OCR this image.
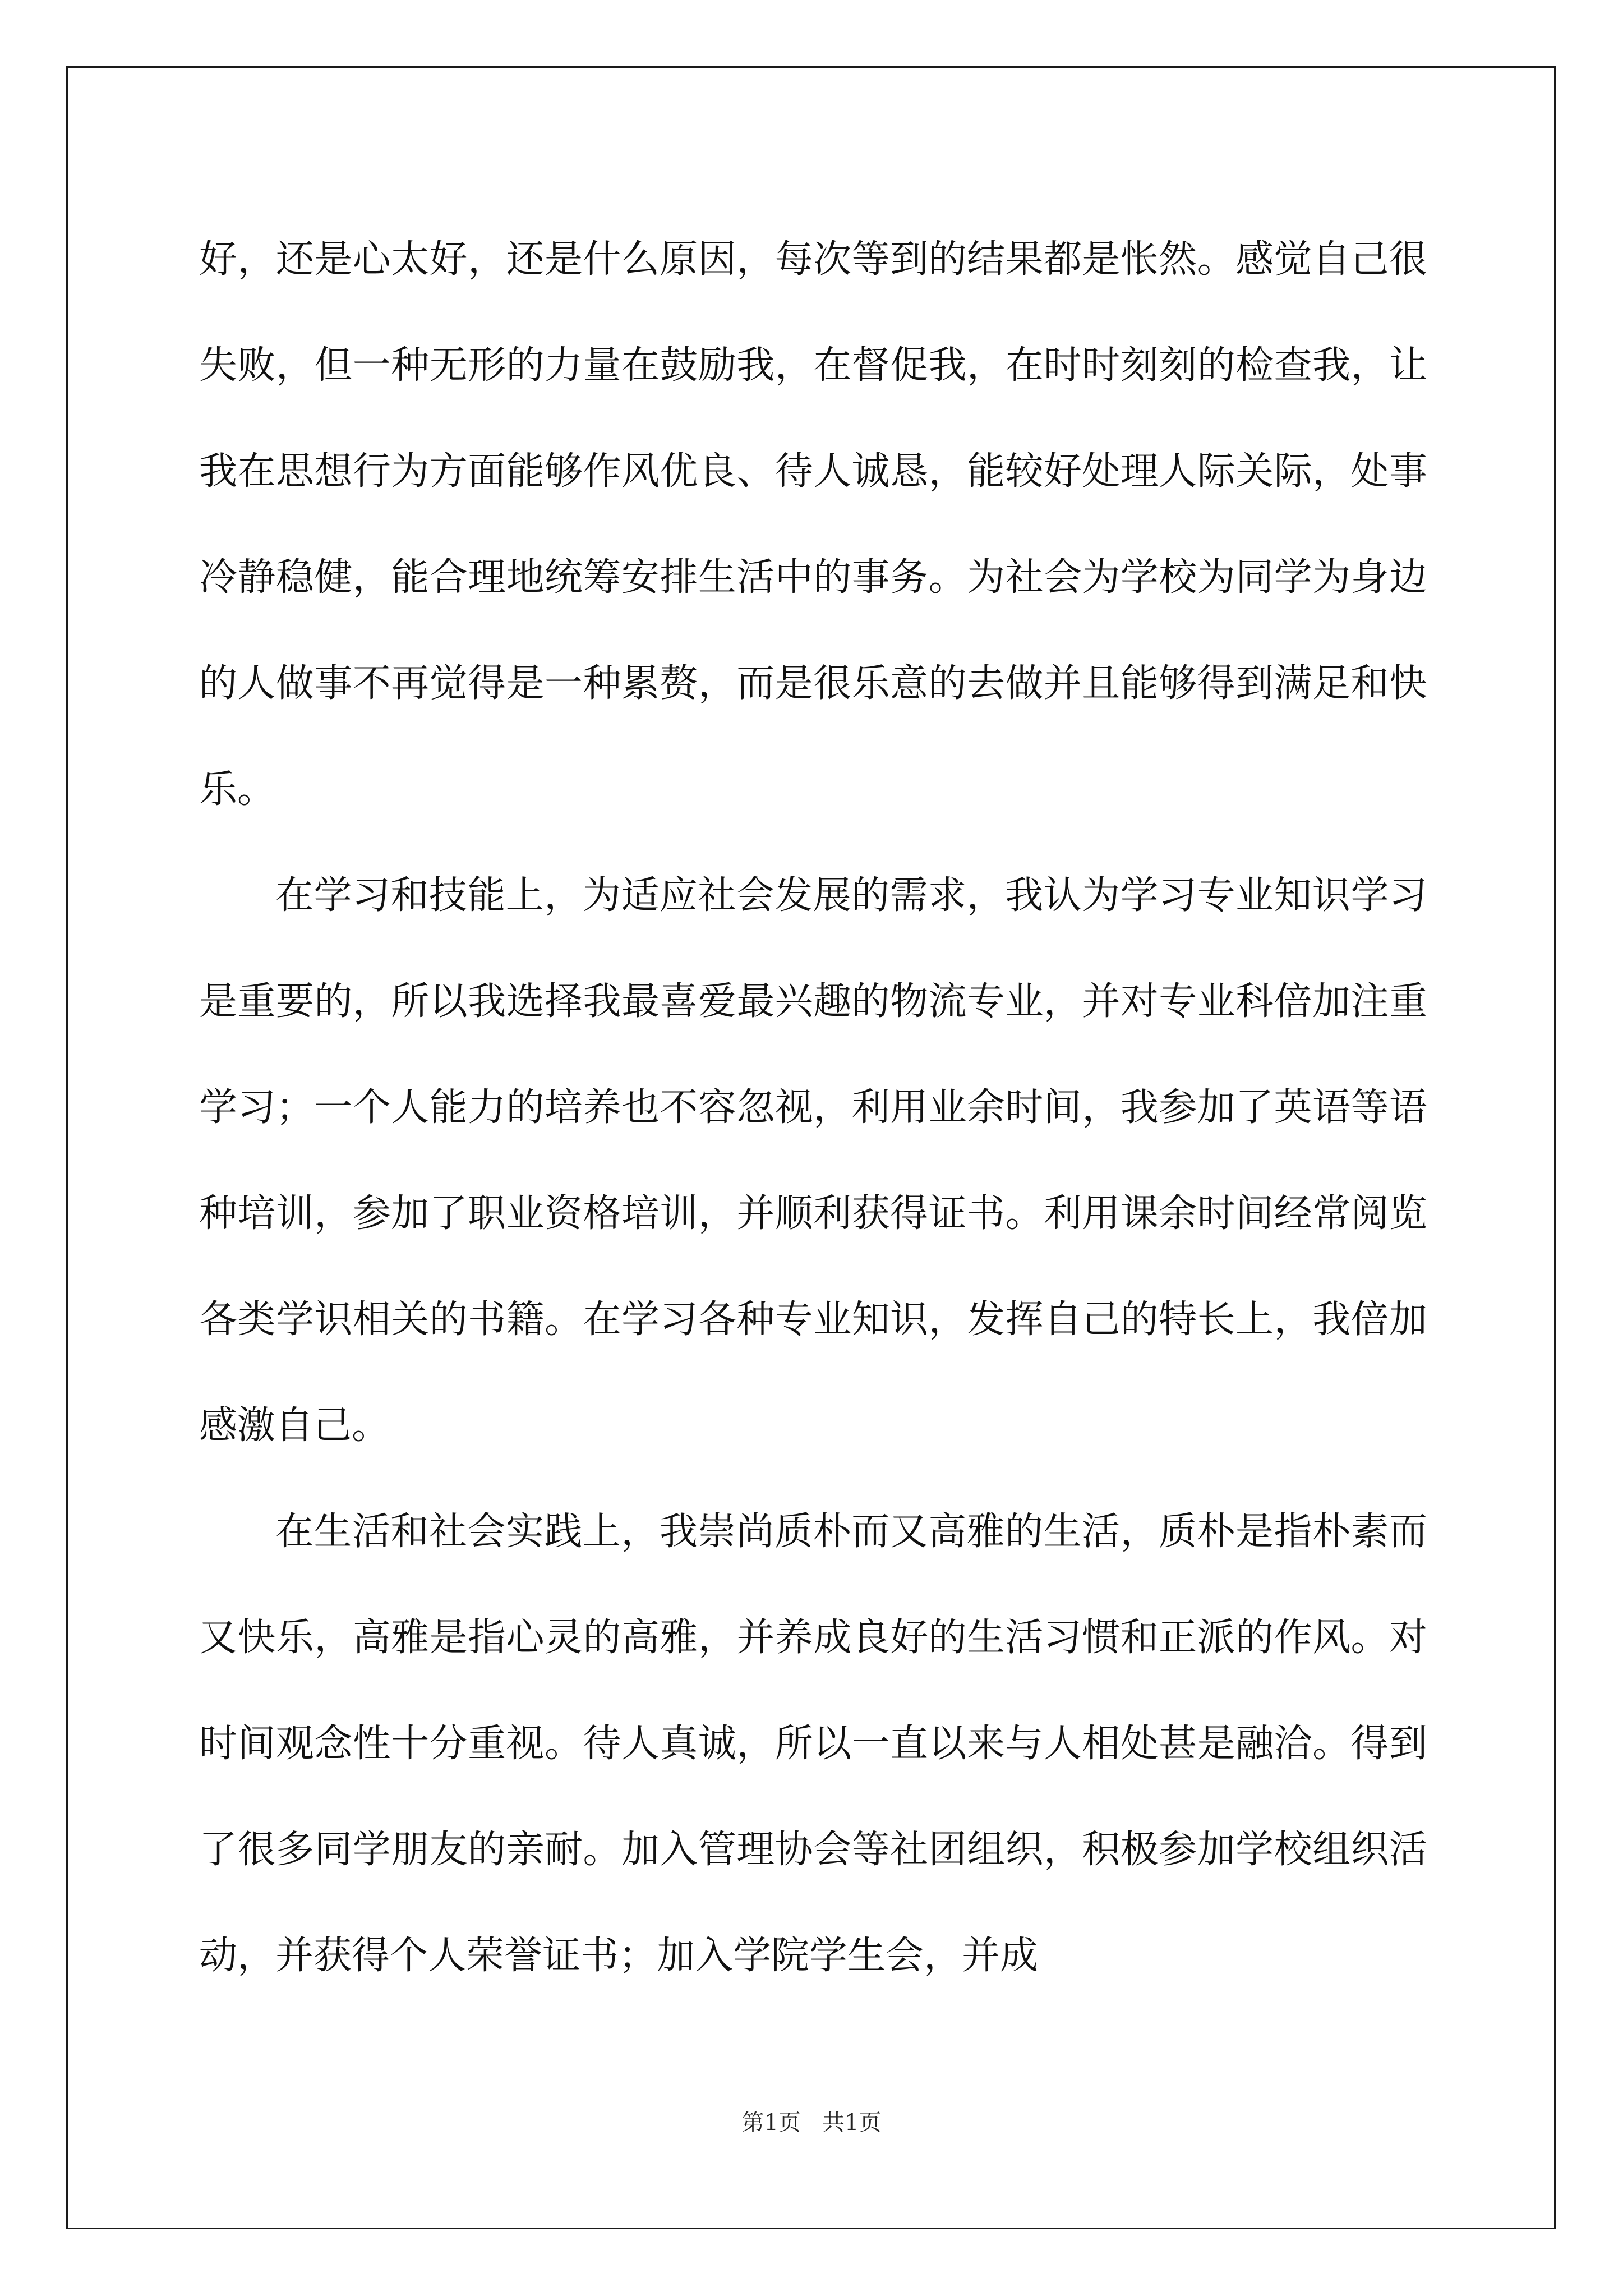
好，还是心太好，还是什么原因，每次等到的结果都是怅然。感觉自己很失败，但一种无形的力量在鼓励我，在督促我，在时时刻刻的检查我，让我在思想行为方面能够作风优良、待人诚恳，能较好处理人际关际，处事冷静稳健，能合理地统筹安排生活中的事务。为社会为学校为同学为身边的人做事不再觉得是一种累赘，而是很乐意的去做并且能够得到满足和快乐。

在学习和技能上，为适应社会发展的需求，我认为学习专业知识学习是重要的，所以我选择我最喜爱最兴趣的物流专业，并对专业科倍加注重学习；一个人能力的培养也不容忽视，利用业余时间，我参加了英语等语种培训，参加了职业资格培训，并顺利获得证书。利用课余时间经常阅览各类学识相关的书籍。在学习各种专业知识，发挥自己的特长上，我倍加感激自己。

在生活和社会实践上，我崇尚质朴而又高雅的生活，质朴是指朴素而又快乐，高雅是指心灵的高雅，并养成良好的生活习惯和正派的作风。对时间观念性十分重视。待人真诚，所以一直以来与人相处甚是融洽。得到了很多同学朋友的亲耐。加入管理协会等社团组织，积极参加学校组织活动，并获得个人荣誉证书；加入学院学生会，并成

第1页   共1页
